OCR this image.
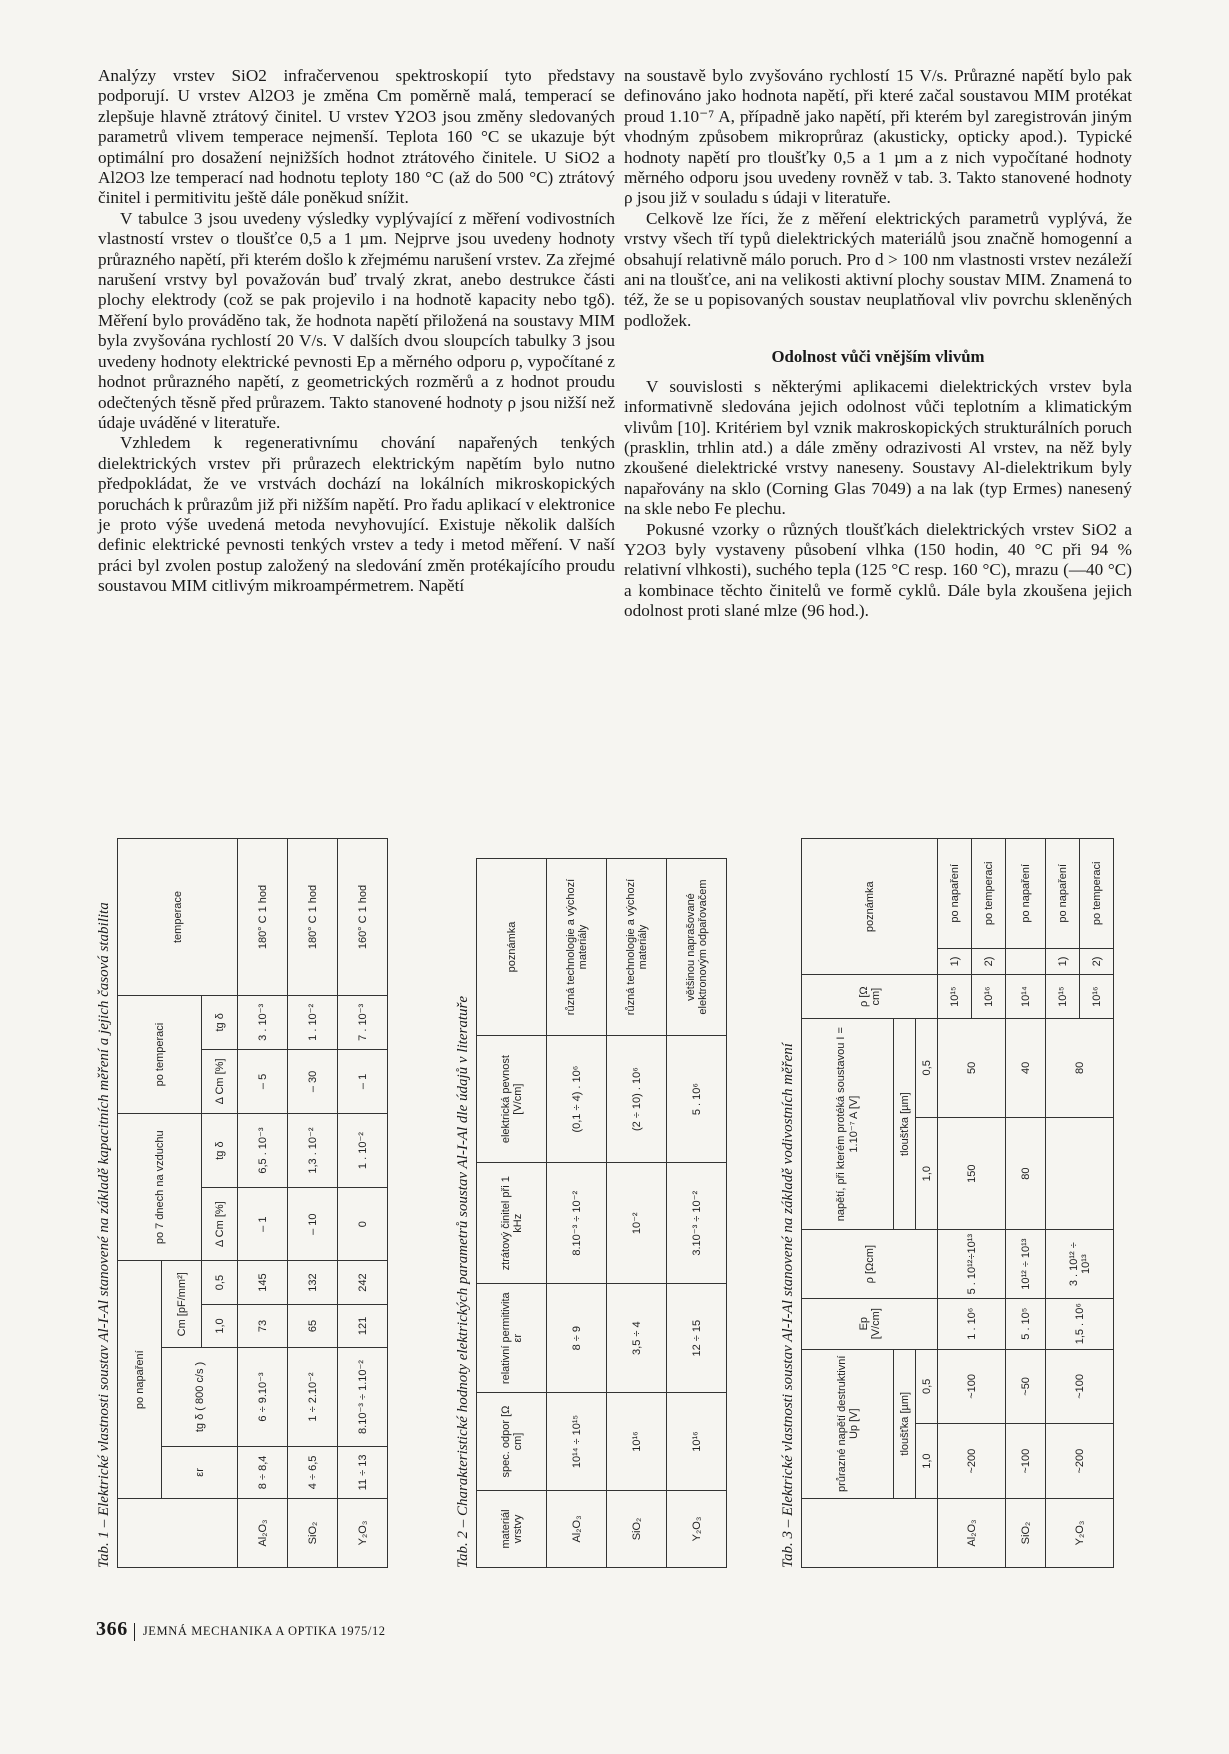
Analýzy vrstev SiO2 infračervenou spektroskopií tyto představy podporují. U vrstev Al2O3 je změna Cm poměrně malá, temperací se zlepšuje hlavně ztrátový činitel. U vrstev Y2O3 jsou změny sledovaných parametrů vlivem temperace nejmenší. Teplota 160 °C se ukazuje být optimální pro dosažení nejnižších hodnot ztrátového činitele. U SiO2 a Al2O3 lze temperací nad hodnotu teploty 180 °C (až do 500 °C) ztrátový činitel i permitivitu ještě dále poněkud snížit.

V tabulce 3 jsou uvedeny výsledky vyplývající z měření vodivostních vlastností vrstev o tloušťce 0,5 a 1 µm. Nejprve jsou uvedeny hodnoty průrazného napětí, při kterém došlo k zřejmému narušení vrstev. Za zřejmé narušení vrstvy byl považován buď trvalý zkrat, anebo destrukce části plochy elektrody (což se pak projevilo i na hodnotě kapacity nebo tgδ). Měření bylo prováděno tak, že hodnota napětí přiložená na soustavy MIM byla zvyšována rychlostí 20 V/s. V dalších dvou sloupcích tabulky 3 jsou uvedeny hodnoty elektrické pevnosti Ep a měrného odporu ρ, vypočítané z hodnot průrazného napětí, z geometrických rozměrů a z hodnot proudu odečtených těsně před průrazem. Takto stanovené hodnoty ρ jsou nižší než údaje uváděné v literatuře.

Vzhledem k regenerativnímu chování napařených tenkých dielektrických vrstev při průrazech elektrickým napětím bylo nutno předpokládat, že ve vrstvách dochází na lokálních mikroskopických poruchách k průrazům již při nižším napětí. Pro řadu aplikací v elektronice je proto výše uvedená metoda nevyhovující. Existuje několik dalších definic elektrické pevnosti tenkých vrstev a tedy i metod měření. V naší práci byl zvolen postup založený na sledování změn protékajícího proudu soustavou MIM citlivým mikroampérmetrem. Napětí

na soustavě bylo zvyšováno rychlostí 15 V/s. Průrazné napětí bylo pak definováno jako hodnota napětí, při které začal soustavou MIM protékat proud 1.10⁻⁷ A, případně jako napětí, při kterém byl zaregistrován jiným vhodným způsobem mikroprůraz (akusticky, opticky apod.). Typické hodnoty napětí pro tloušťky 0,5 a 1 µm a z nich vypočítané hodnoty měrného odporu jsou uvedeny rovněž v tab. 3. Takto stanovené hodnoty ρ jsou již v souladu s údaji v literatuře.

Celkově lze říci, že z měření elektrických parametrů vyplývá, že vrstvy všech tří typů dielektrických materiálů jsou značně homogenní a obsahují relativně málo poruch. Pro d > 100 nm vlastnosti vrstev nezáleží ani na tloušťce, ani na velikosti aktivní plochy soustav MIM. Znamená to též, že se u popisovaných soustav neuplatňoval vliv povrchu skleněných podložek.

Odolnost vůči vnějším vlivům

V souvislosti s některými aplikacemi dielektrických vrstev byla informativně sledována jejich odolnost vůči teplotním a klimatickým vlivům [10]. Kritériem byl vznik makroskopických strukturálních poruch (prasklin, trhlin atd.) a dále změny odrazivosti Al vrstev, na něž byly zkoušené dielektrické vrstvy naneseny. Soustavy Al-dielektrikum byly napařovány na sklo (Corning Glas 7049) a na lak (typ Ermes) nanesený na skle nebo Fe plechu.

Pokusné vzorky o různých tloušťkách dielektrických vrstev SiO2 a Y2O3 byly vystaveny působení vlhka (150 hodin, 40 °C při 94 % relativní vlhkosti), suchého tepla (125 °C resp. 160 °C), mrazu (—40 °C) a kombinace těchto činitelů ve formě cyklů. Dále byla zkoušena jejich odolnost proti slané mlze (96 hod.).

Tab. 1 – Elektrické vlastnosti soustav Al-I-Al stanovené na základě kapacitních měření a jejich časová stabilita
		po napaření				po 7 dnech na vzduchu		po temperaci		temperace
	εr	tg δ ( 800 c/s )	Cm [pF/mm²]						
			1,0	0,5	Δ Cm [%]	tg δ	Δ Cm [%]	tg δ	
Al₂O₃	8 ÷ 8,4	6 ÷ 9.10⁻³	73	145	– 1	6,5 . 10⁻³	– 5	3 . 10⁻³	180° C 1 hod
SiO₂	4 ÷ 6,5	1 ÷ 2.10⁻²	65	132	– 10	1,3 . 10⁻²	– 30	1 . 10⁻²	180° C 1 hod
Y₂O₃	11 ÷ 13	8.10⁻³ ÷ 1.10⁻²	121	242	0	1 . 10⁻²	– 1	7 . 10⁻³	160° C 1 hod
Tab. 2 – Charakteristické hodnoty elektrických parametrů soustav Al-I-Al dle údajů v literatuře	materiál vrstvy	spec. odpor [Ω cm]	relativní permitivita εr	ztrátový činitel při 1 kHz	elektrická pevnost [V/cm]	poznámka
Al₂O₃	10¹⁴ ÷ 10¹⁵	8 ÷ 9	8.10⁻³ ÷ 10⁻²	(0,1 ÷ 4) . 10⁶	různá technologie a výchozí materiály
SiO₂	10¹⁶	3,5 ÷ 4	10⁻²	(2 ÷ 10) . 10⁶	různá technologie a výchozí materiály
Y₂O₃	10¹⁶	12 ÷ 15	3.10⁻³ ÷ 10⁻²	5 . 10⁶	většinou naprašované elektronovým odpařovačem
Tab. 3 – Elektrické vlastnosti soustav Al-I-Al stanovené na základě vodivostních měření
		průrazné napětí destruktivní Up [V]		Ep [V/cm]	ρ [Ωcm]	napětí, při kterém protéká soustavou I = 1.10⁻⁷ A [V]		ρ [Ω cm]	poznámka	
	tloušťka [µm]				tloušťka [µm]				
	1,0	0,5			1,0	0,5			
Al₂O₃	~200	~100	1 . 10⁶	5 . 10¹²÷10¹³	150	50	10¹⁵	1)	po napaření
							10¹⁶	2)	po temperaci
SiO₂	~100	~50	5 . 10⁵	10¹² ÷ 10¹³	80	40	10¹⁴		po napaření
Y₂O₃	~200	~100	1,5 . 10⁶	3 . 10¹² ÷ 10¹³		80	10¹⁵	1)	po napaření
							10¹⁶	2)	po temperaci
366 JEMNÁ MECHANIKA A OPTIKA 1975/12
